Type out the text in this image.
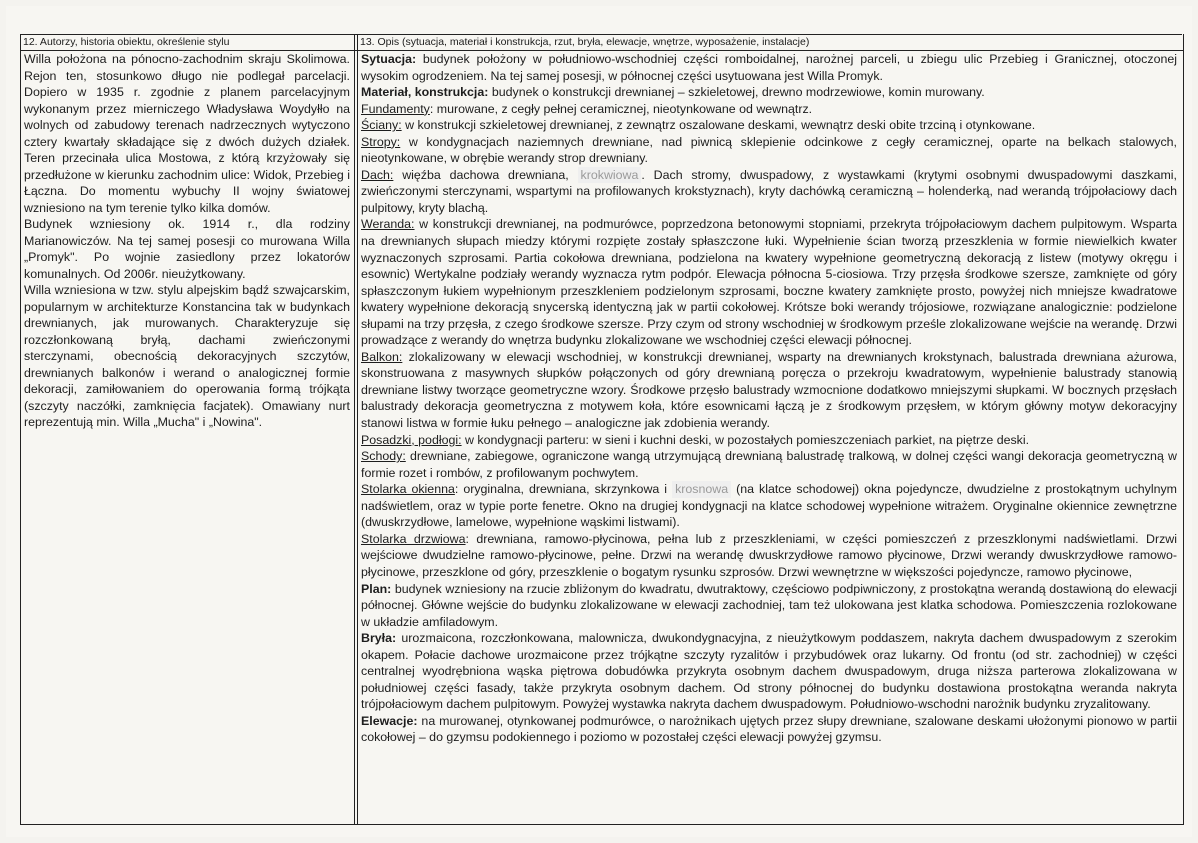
12. Autorzy, historia obiektu, określenie stylu	13. Opis (sytuacja, materiał i konstrukcja, rzut, bryła, elewacje, wnętrze, wyposażenie, instalacje)

Willa położona na pónocno-zachodnim skraju Skolimowa. Rejon ten, stosunkowo długo nie podlegał parcelacji. Dopiero w 1935 r. zgodnie z planem parcelacyjnym wykonanym przez mierniczego Władysława Woydyłło na wolnych od zabudowy terenach nadrzecznych wytyczono cztery kwartały składające się z dwóch dużych działek. Teren przecinała ulica Mostowa, z którą krzyżowały się przedłużone w kierunku zachodnim ulice: Widok, Przebieg i Łączna. Do momentu wybuchy II wojny światowej wzniesiono na tym terenie tylko kilka domów.

Budynek wzniesiony ok. 1914 r., dla rodziny Marianowiczów. Na tej samej posesji co murowana Willa „Promyk". Po wojnie zasiedlony przez lokatorów komunalnych. Od 2006r. nieużytkowany.

Willa wzniesiona w tzw. stylu alpejskim bądź szwajcarskim, popularnym w architekturze Konstancina tak w budynkach drewnianych, jak murowanych. Charakteryzuje się rozczłonkowaną bryłą, dachami zwieńczonymi sterczynami, obecnością dekoracyjnych szczytów, drewnianych balkonów i werand o analogicznej formie dekoracji, zamiłowaniem do operowania formą trójkąta (szczyty naczółki, zamknięcia facjatek). Omawiany nurt reprezentują min. Willa „Mucha" i „Nowina".

Sytuacja: budynek położony w południowo-wschodniej części romboidalnej, narożnej parceli, u zbiegu ulic Przebieg i Granicznej, otoczonej wysokim ogrodzeniem. Na tej samej posesji, w północnej części usytuowana jest Willa Promyk.

Materiał, konstrukcja: budynek o konstrukcji drewnianej – szkieletowej, drewno modrzewiowe, komin murowany.

Fundamenty: murowane, z cegły pełnej ceramicznej, nieotynkowane od wewnątrz.

Ściany: w konstrukcji szkieletowej drewnianej, z zewnątrz oszalowane deskami, wewnątrz deski obite trzciną i otynkowane.

Stropy: w kondygnacjach naziemnych drewniane, nad piwnicą sklepienie odcinkowe z cegły ceramicznej, oparte na belkach stalowych, nieotynkowane, w obrębie werandy strop drewniany.

Dach: więźba dachowa drewniana, krokwiowa . Dach stromy, dwuspadowy, z wystawkami (krytymi osobnymi dwuspadowymi daszkami, zwieńczonymi sterczynami, wspartymi na profilowanych krokstyznach), kryty dachówką ceramiczną – holenderką, nad werandą trójpołaciowy dach pulpitowy, kryty blachą.

Weranda: w konstrukcji drewnianej, na podmurówce, poprzedzona betonowymi stopniami, przekryta trójpołaciowym dachem pulpitowym. Wsparta na drewnianych słupach miedzy którymi rozpięte zostały spłaszczone łuki. Wypełnienie ścian tworzą przeszklenia w formie niewielkich kwater wyznaczonych szprosami. Partia cokołowa drewniana, podzielona na kwatery wypełnione geometryczną dekoracją z listew (motywy okręgu i esownic) Wertykalne podziały werandy wyznacza rytm podpór. Elewacja północna 5-ciosiowa. Trzy przęsła środkowe szersze, zamknięte od góry spłaszczonym łukiem wypełnionym przeszkleniem podzielonym szprosami, boczne kwatery zamknięte prosto, powyżej nich mniejsze kwadratowe kwatery wypełnione dekoracją snycerską identyczną jak w partii cokołowej. Krótsze boki werandy trójosiowe, rozwiązane analogicznie: podzielone słupami na trzy przęsła, z czego środkowe szersze. Przy czym od strony wschodniej w środkowym prześle zlokalizowane wejście na werandę. Drzwi prowadzące z werandy do wnętrza budynku zlokalizowane we wschodniej części elewacji północnej.

Balkon: zlokalizowany w elewacji wschodniej, w konstrukcji drewnianej, wsparty na drewnianych krokstynach, balustrada drewniana ażurowa, skonstruowana z masywnych słupków połączonych od góry drewnianą poręcza o przekroju kwadratowym, wypełnienie balustrady stanowią drewniane listwy tworzące geometryczne wzory. Środkowe przęsło balustrady wzmocnione dodatkowo mniejszymi słupkami. W bocznych przęsłach balustrady dekoracja geometryczna z motywem koła, które esownicami łączą je z środkowym przęsłem, w którym główny motyw dekoracyjny stanowi listwa w formie łuku pełnego – analogiczne jak zdobienia werandy.

Posadzki, podłogi: w kondygnacji parteru: w sieni i kuchni deski, w pozostałych pomieszczeniach parkiet, na piętrze deski.

Schody: drewniane, zabiegowe, ograniczone wangą utrzymującą drewnianą balustradę tralkową, w dolnej części wangi dekoracja geometryczną w formie rozet i rombów, z profilowanym pochwytem.

Stolarka okienna: oryginalna, drewniana, skrzynkowa i krosnowa (na klatce schodowej) okna pojedyncze, dwudzielne z prostokątnym uchylnym nadświetlem, oraz w typie porte fenetre. Okno na drugiej kondygnacji na klatce schodowej wypełnione witrażem. Oryginalne okiennice zewnętrzne (dwuskrzydłowe, lamelowe, wypełnione wąskimi listwami).

Stolarka drzwiowa: drewniana, ramowo-płycinowa, pełna lub z przeszkleniami, w części pomieszczeń z przeszklonymi nadświetlami. Drzwi wejściowe dwudzielne ramowo-płycinowe, pełne. Drzwi na werandę dwuskrzydłowe ramowo płycinowe, Drzwi werandy dwuskrzydłowe ramowo-płycinowe, przeszklone od góry, przeszklenie o bogatym rysunku szprosów. Drzwi wewnętrzne w większości pojedyncze, ramowo płycinowe,

Plan: budynek wzniesiony na rzucie zbliżonym do kwadratu, dwutraktowy, częściowo podpiwniczony, z prostokątna werandą dostawioną do elewacji północnej. Główne wejście do budynku zlokalizowane w elewacji zachodniej, tam też ulokowana jest klatka schodowa. Pomieszczenia rozlokowane w układzie amfiladowym.

Bryła: urozmaicona, rozczłonkowana, malownicza, dwukondygnacyjna, z nieużytkowym poddaszem, nakryta dachem dwuspadowym z szerokim okapem. Połacie dachowe urozmaicone przez trójkątne szczyty ryzalitów i przybudówek oraz lukarny. Od frontu (od str. zachodniej) w części centralnej wyodrębniona wąska piętrowa dobudówka przykryta osobnym dachem dwuspadowym, druga niższa parterowa zlokalizowana w południowej części fasady, także przykryta osobnym dachem. Od strony północnej do budynku dostawiona prostokątna weranda nakryta trójpołaciowym dachem pulpitowym. Powyżej wystawka nakryta dachem dwuspadowym. Południowo-wschodni narożnik budynku zryzalitowany.

Elewacje: na murowanej, otynkowanej podmurówce, o narożnikach ujętych przez słupy drewniane, szalowane deskami ułożonymi pionowo w partii cokołowej – do gzymsu podokiennego i poziomo w pozostałej części elewacji powyżej gzymsu.
